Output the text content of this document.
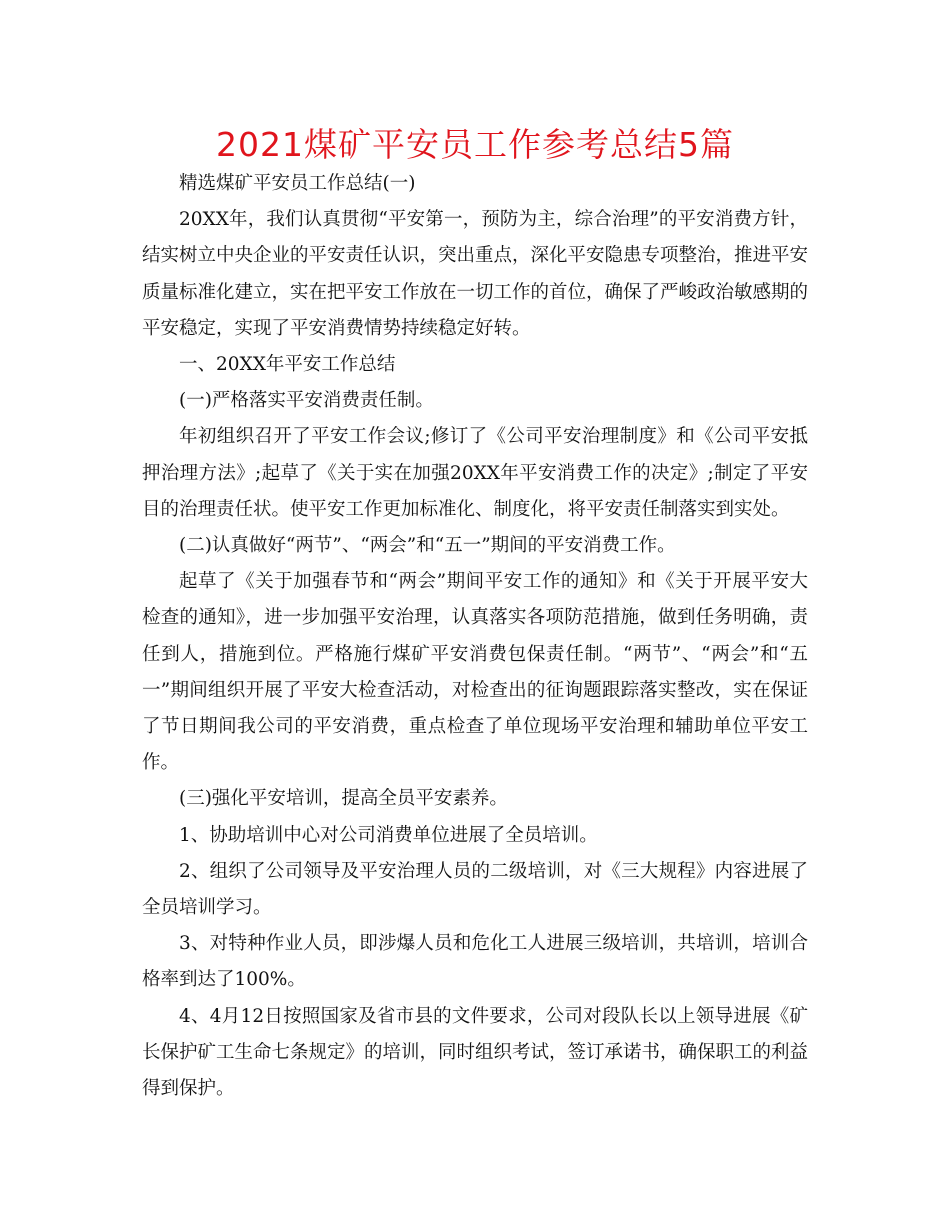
2021煤矿平安员工作参考总结5篇

精选煤矿平安员工作总结(一)

20XX年，我们认真贯彻“平安第一，预防为主，综合治理”的平安消费方针，结实树立中央企业的平安责任认识，突出重点，深化平安隐患专项整治，推进平安质量标准化建立，实在把平安工作放在一切工作的首位，确保了严峻政治敏感期的平安稳定，实现了平安消费情势持续稳定好转。

一、20XX年平安工作总结

(一)严格落实平安消费责任制。

年初组织召开了平安工作会议;修订了《公司平安治理制度》和《公司平安抵押治理方法》;起草了《关于实在加强20XX年平安消费工作的决定》;制定了平安目的治理责任状。使平安工作更加标准化、制度化，将平安责任制落实到实处。

(二)认真做好“两节”、“两会”和“五一”期间的平安消费工作。

起草了《关于加强春节和“两会”期间平安工作的通知》和《关于开展平安大检查的通知》，进一步加强平安治理，认真落实各项防范措施，做到任务明确，责任到人，措施到位。严格施行煤矿平安消费包保责任制。“两节”、“两会”和“五一”期间组织开展了平安大检查活动，对检查出的征询题跟踪落实整改，实在保证了节日期间我公司的平安消费，重点检查了单位现场平安治理和辅助单位平安工作。

(三)强化平安培训，提高全员平安素养。

1、协助培训中心对公司消费单位进展了全员培训。

2、组织了公司领导及平安治理人员的二级培训，对《三大规程》内容进展了全员培训学习。

3、对特种作业人员，即涉爆人员和危化工人进展三级培训，共培训，培训合格率到达了100%。

4、4月12日按照国家及省市县的文件要求，公司对段队长以上领导进展《矿长保护矿工生命七条规定》的培训，同时组织考试，签订承诺书，确保职工的利益得到保护。
